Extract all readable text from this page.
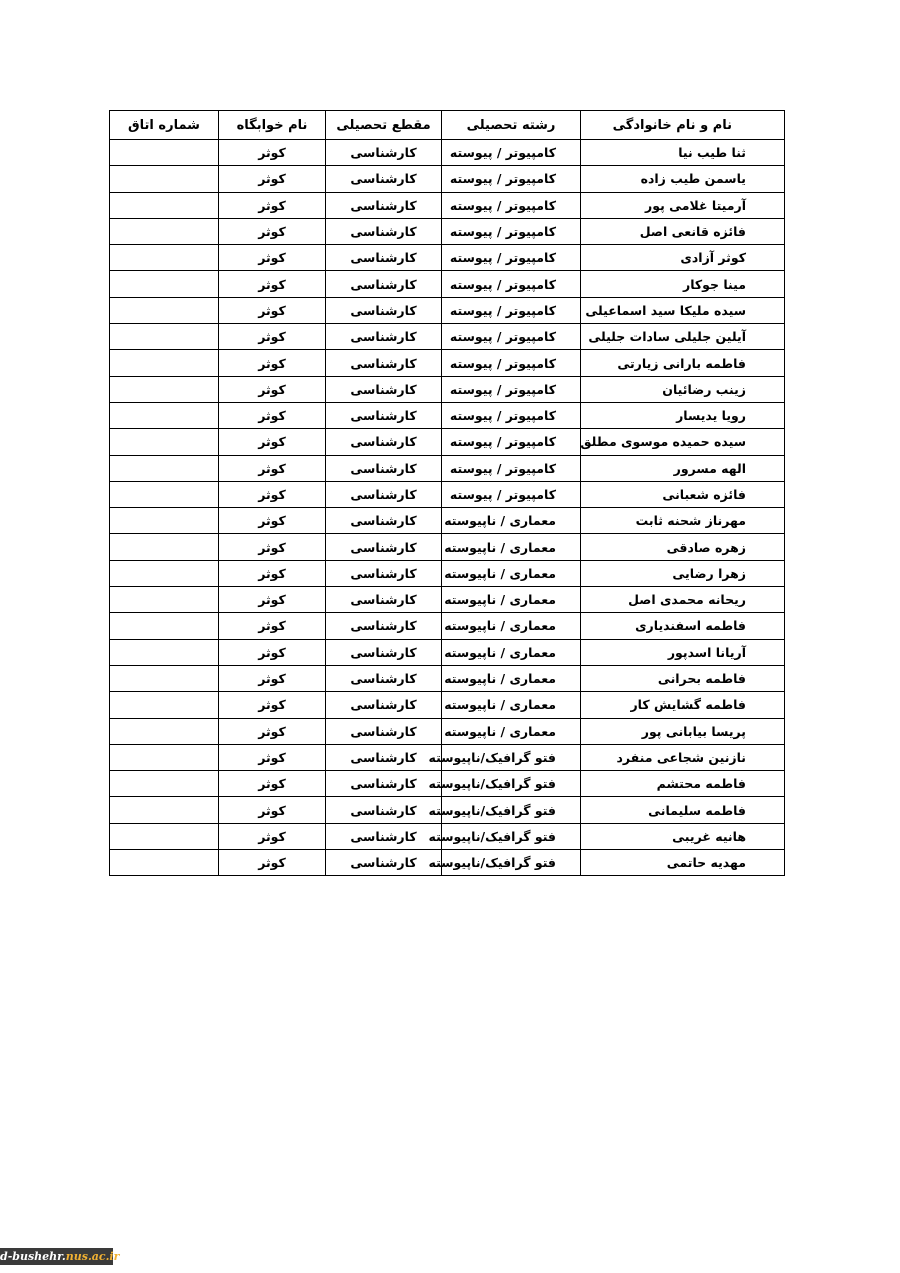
نام و نام خانوادگی	رشته تحصیلی	مقطع تحصیلی	نام خوابگاه	شماره اتاق
ثنا طیب نیا	کامپیوتر / پیوسته	کارشناسی	کوثر	
یاسمن طیب زاده	کامپیوتر / پیوسته	کارشناسی	کوثر	
آرمیتا غلامی پور	کامپیوتر / پیوسته	کارشناسی	کوثر	
فائزه قانعی اصل	کامپیوتر / پیوسته	کارشناسی	کوثر	
کوثر آزادی	کامپیوتر / پیوسته	کارشناسی	کوثر	
مینا جوکار	کامپیوتر / پیوسته	کارشناسی	کوثر	
سیده ملیکا سید اسماعیلی	کامپیوتر / پیوسته	کارشناسی	کوثر	
آیلین جلیلی سادات جلیلی	کامپیوتر / پیوسته	کارشناسی	کوثر	
فاطمه بارانی زیارتی	کامپیوتر / پیوسته	کارشناسی	کوثر	
زینب رضائیان	کامپیوتر / پیوسته	کارشناسی	کوثر	
رویا یدیسار	کامپیوتر / پیوسته	کارشناسی	کوثر	
سیده حمیده موسوی مطلق	کامپیوتر / پیوسته	کارشناسی	کوثر	
الهه مسرور	کامپیوتر / پیوسته	کارشناسی	کوثر	
فائزه شعبانی	کامپیوتر / پیوسته	کارشناسی	کوثر	
مهرناز شحنه ثابت	معماری / ناپیوسته	کارشناسی	کوثر	
زهره صادقی	معماری / ناپیوسته	کارشناسی	کوثر	
زهرا رضایی	معماری / ناپیوسته	کارشناسی	کوثر	
ریحانه محمدی اصل	معماری / ناپیوسته	کارشناسی	کوثر	
فاطمه اسفندیاری	معماری / ناپیوسته	کارشناسی	کوثر	
آریانا اسدپور	معماری / ناپیوسته	کارشناسی	کوثر	
فاطمه بحرانی	معماری / ناپیوسته	کارشناسی	کوثر	
فاطمه گشایش کار	معماری / ناپیوسته	کارشناسی	کوثر	
پریسا بیابانی پور	معماری / ناپیوسته	کارشناسی	کوثر	
نازنین شجاعی منفرد	فتو گرافیک/ناپیوسته	کارشناسی	کوثر	
فاطمه محتشم	فتو گرافیک/ناپیوسته	کارشناسی	کوثر	
فاطمه سلیمانی	فتو گرافیک/ناپیوسته	کارشناسی	کوثر	
هانیه غریبی	فتو گرافیک/ناپیوسته	کارشناسی	کوثر	
مهدیه حاتمی	فتو گرافیک/ناپیوسته	کارشناسی	کوثر	
d-bushehr.nus.ac.ir
